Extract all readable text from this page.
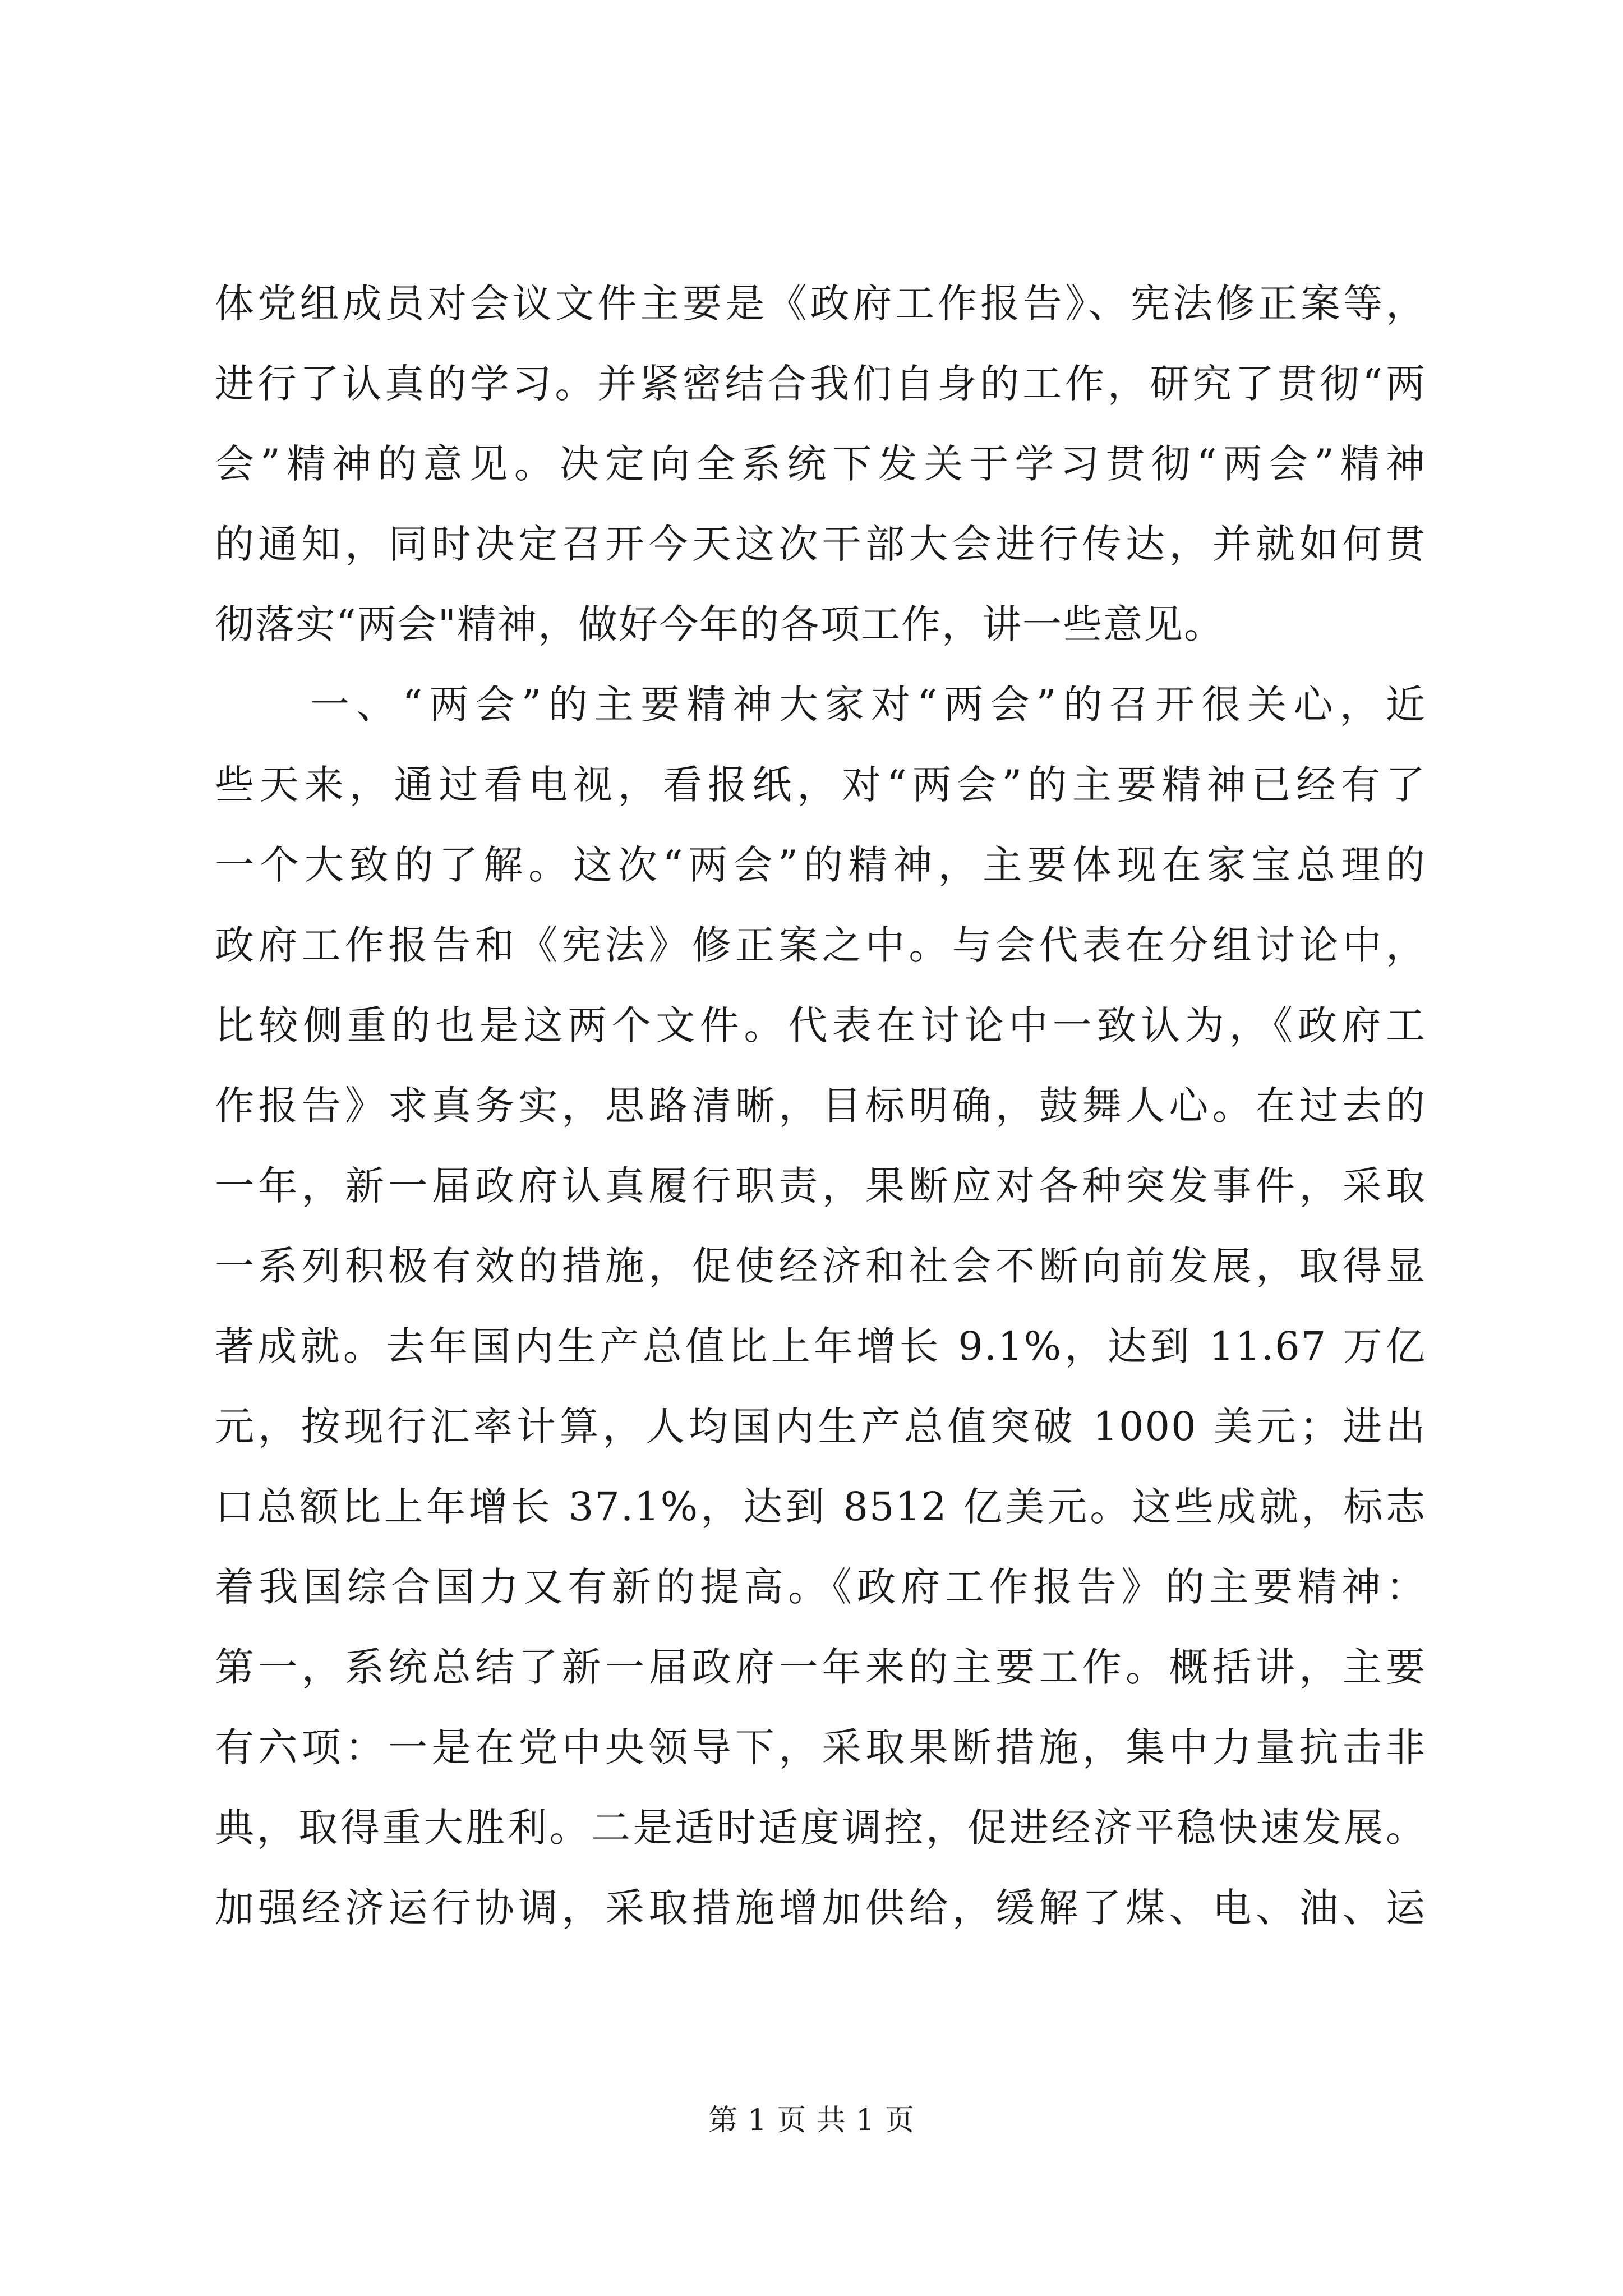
体党组成员对会议文件主要是《政府工作报告》、宪法修正案等，
进行了认真的学习。并紧密结合我们自身的工作，研究了贯彻“两
会”精神的意见。决定向全系统下发关于学习贯彻“两会”精神
的通知，同时决定召开今天这次干部大会进行传达，并就如何贯
彻落实“两会"精神，做好今年的各项工作，讲一些意见。
一、“两会”的主要精神大家对“两会”的召开很关心，近
些天来，通过看电视，看报纸，对“两会”的主要精神已经有了
一个大致的了解。这次“两会”的精神，主要体现在家宝总理的
政府工作报告和《宪法》修正案之中。与会代表在分组讨论中，
比较侧重的也是这两个文件。代表在讨论中一致认为，《政府工
作报告》求真务实，思路清晰，目标明确，鼓舞人心。在过去的
一年，新一届政府认真履行职责，果断应对各种突发事件，采取
一系列积极有效的措施，促使经济和社会不断向前发展，取得显
著成就。去年国内生产总值比上年增长 9.1%，达到 11.67 万亿
元，按现行汇率计算，人均国内生产总值突破 1000 美元；进出
口总额比上年增长 37.1%，达到 8512 亿美元。这些成就，标志
着我国综合国力又有新的提高。《政府工作报告》的主要精神：
第一，系统总结了新一届政府一年来的主要工作。概括讲，主要
有六项：一是在党中央领导下，采取果断措施，集中力量抗击非
典，取得重大胜利。二是适时适度调控，促进经济平稳快速发展。
加强经济运行协调，采取措施增加供给，缓解了煤、电、油、运
第 1 页 共 1 页
